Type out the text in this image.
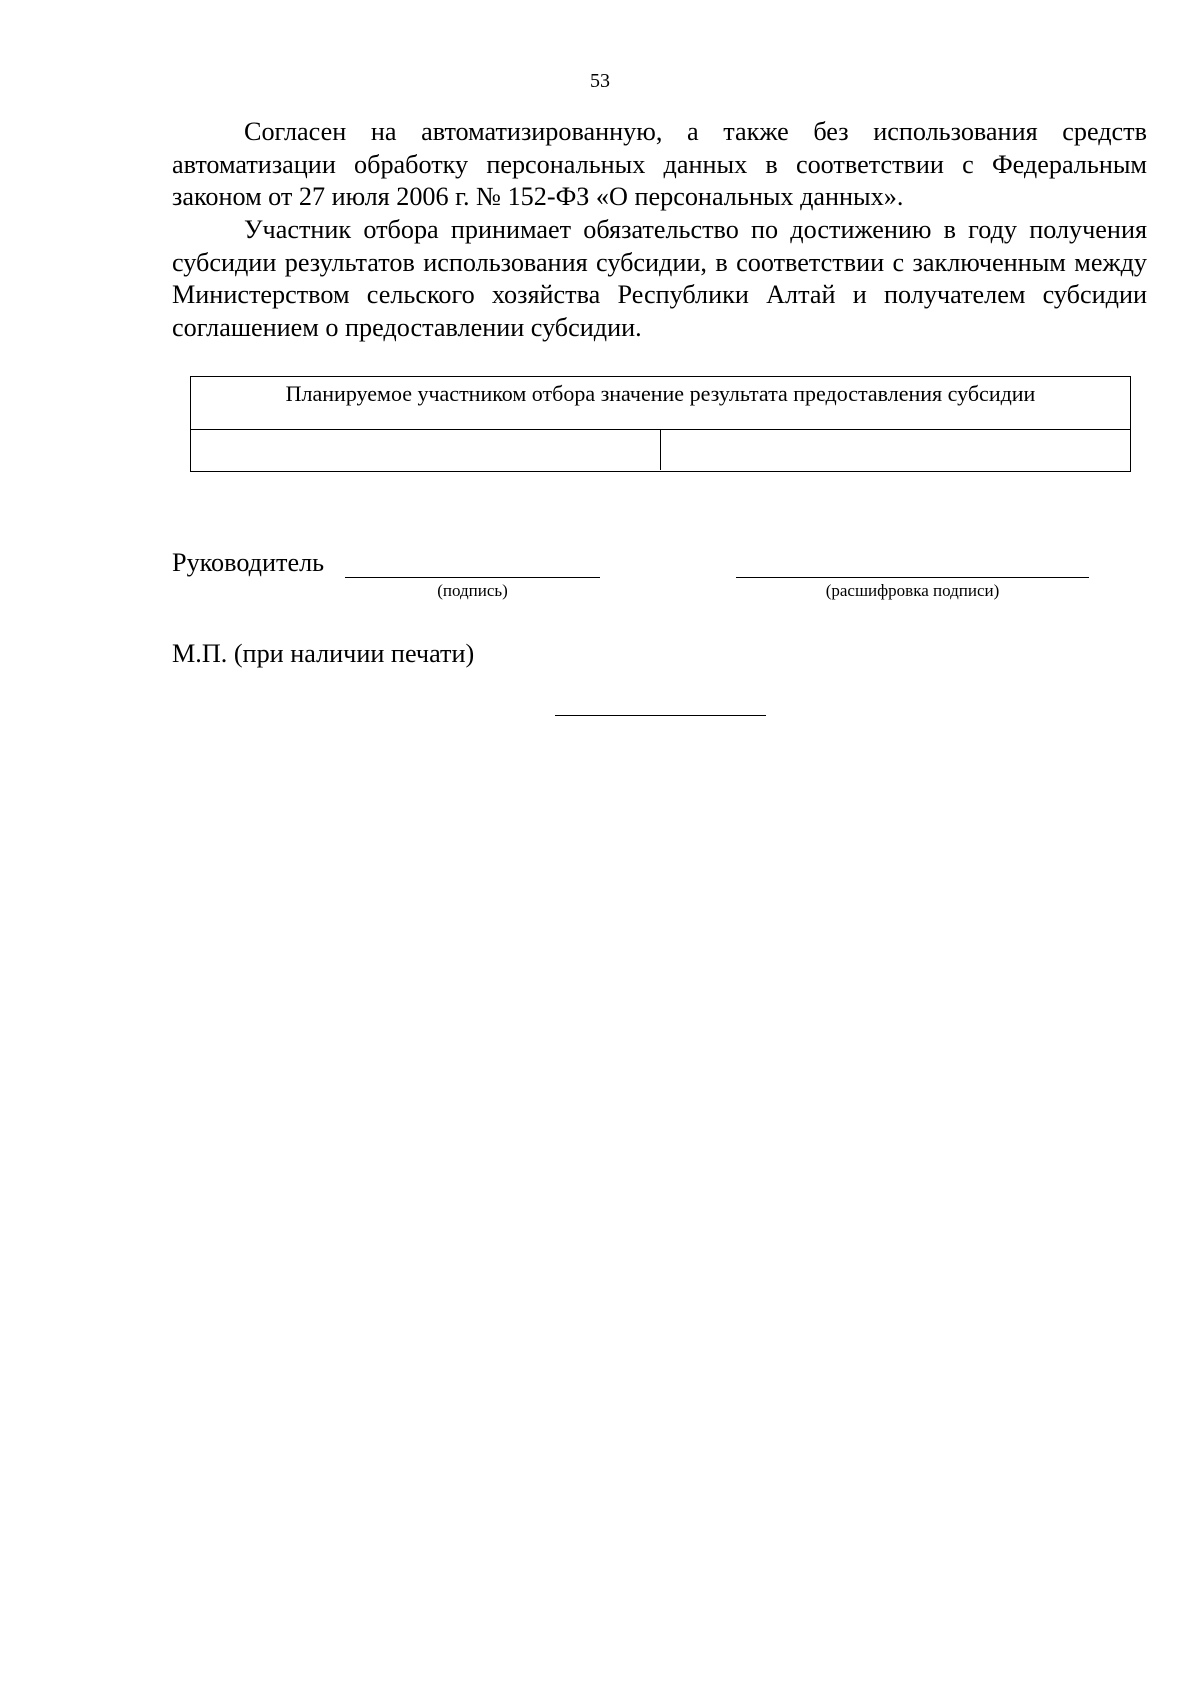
53

Согласен на автоматизированную, а также без использования средств автоматизации обработку персональных данных в соответствии с Федеральным законом от 27 июля 2006 г. № 152-ФЗ «О персональных данных».

Участник отбора принимает обязательство по достижению в году получения субсидии результатов использования субсидии, в соответствии с заключенным между Министерством сельского хозяйства Республики Алтай и получателем субсидии соглашением о предоставлении субсидии.

Планируемое участником отбора значение результата предоставления субсидии
Руководитель
(подпись)	(расшифровка подписи)
М.П. (при наличии печати)
